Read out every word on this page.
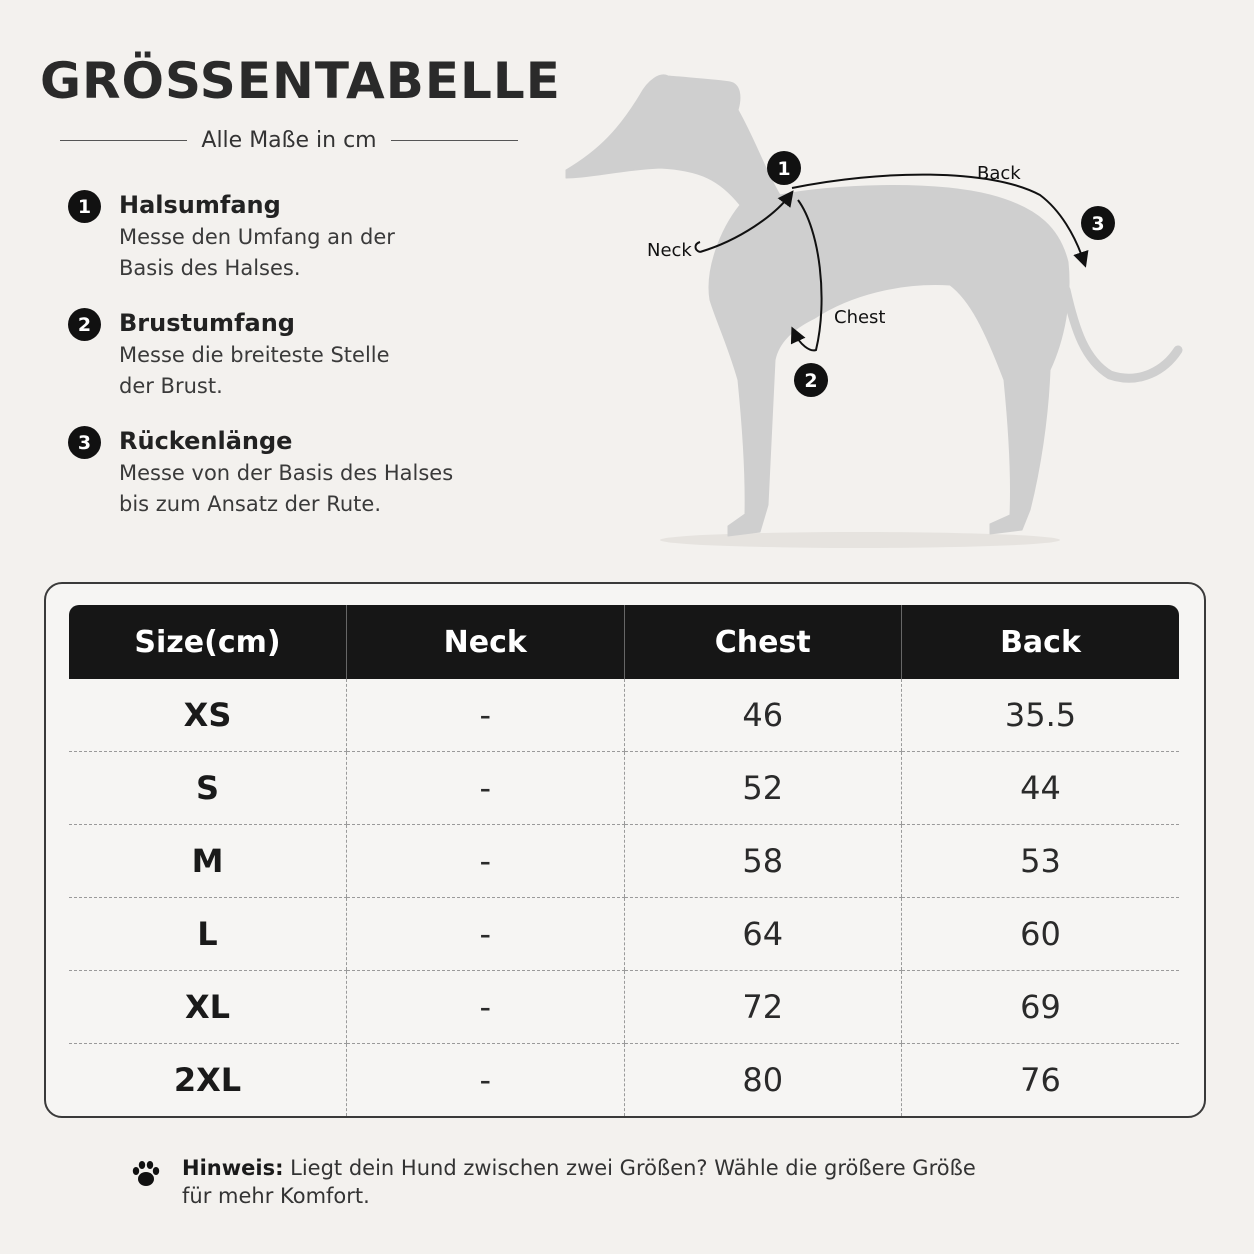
GRÖSSENTABELLE
Alle Maße in cm
1	Halsumfang
Messe den Umfang an der
Basis des Halses.
2	Brustumfang
Messe die breiteste Stelle
der Brust.
3	Rückenlänge
Messe von der Basis des Halses
bis zum Ansatz der Rute.
Neck
Chest
Back
1
2
3
Size(cm)	Neck	Chest	Back
XS	-	46	35.5
S	-	52	44
M	-	58	53
L	-	64	60
XL	-	72	69
2XL	-	80	76
Hinweis: Liegt dein Hund zwischen zwei Größen? Wähle die größere Größe
für mehr Komfort.
